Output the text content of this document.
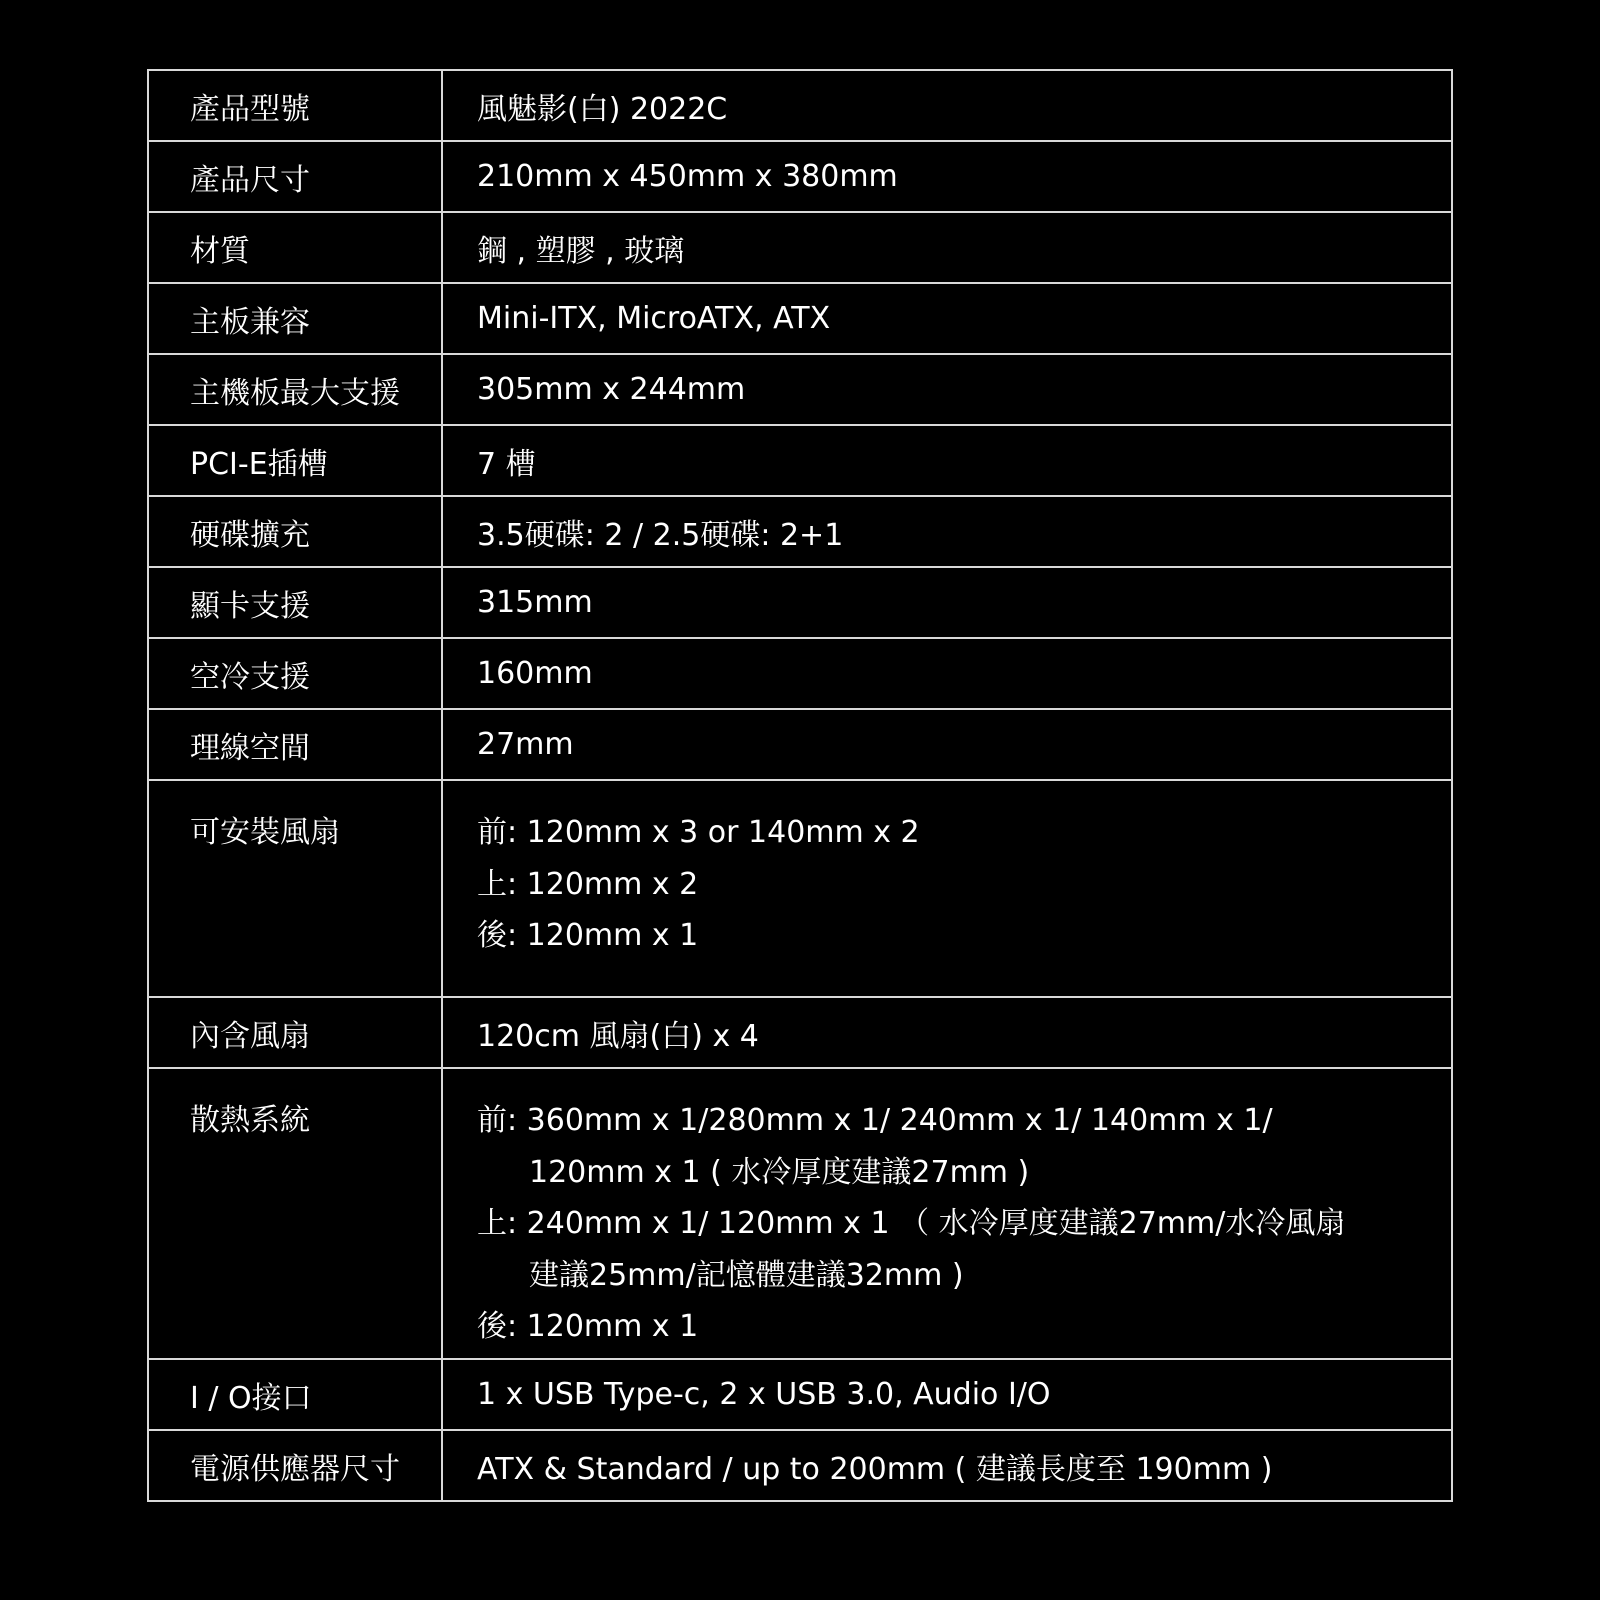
產品型號	風魅影(白) 2022C
產品尺寸	210mm x 450mm x 380mm
材質	鋼 , 塑膠 , 玻璃
主板兼容	Mini-ITX, MicroATX, ATX
主機板最大支援	305mm x 244mm
PCI-E插槽	7 槽
硬碟擴充	3.5硬碟: 2 / 2.5硬碟: 2+1
顯卡支援	315mm
空冷支援	160mm
理線空間	27mm

可安裝風扇	前: 120mm x 3 or 140mm x 2
上: 120mm x 2
後: 120mm x 1

內含風扇	120cm 風扇(白) x 4

散熱系統	前: 360mm x 1/280mm x 1/ 240mm x 1/ 140mm x 1/
120mm x 1 ( 水冷厚度建議27mm )
上: 240mm x 1/ 120mm x 1 （ 水冷厚度建議27mm/水冷風扇
建議25mm/記憶體建議32mm )
後: 120mm x 1

I / O接口	1 x USB Type-c, 2 x USB 3.0, Audio I/O
電源供應器尺寸	ATX & Standard / up to 200mm ( 建議長度至 190mm )
